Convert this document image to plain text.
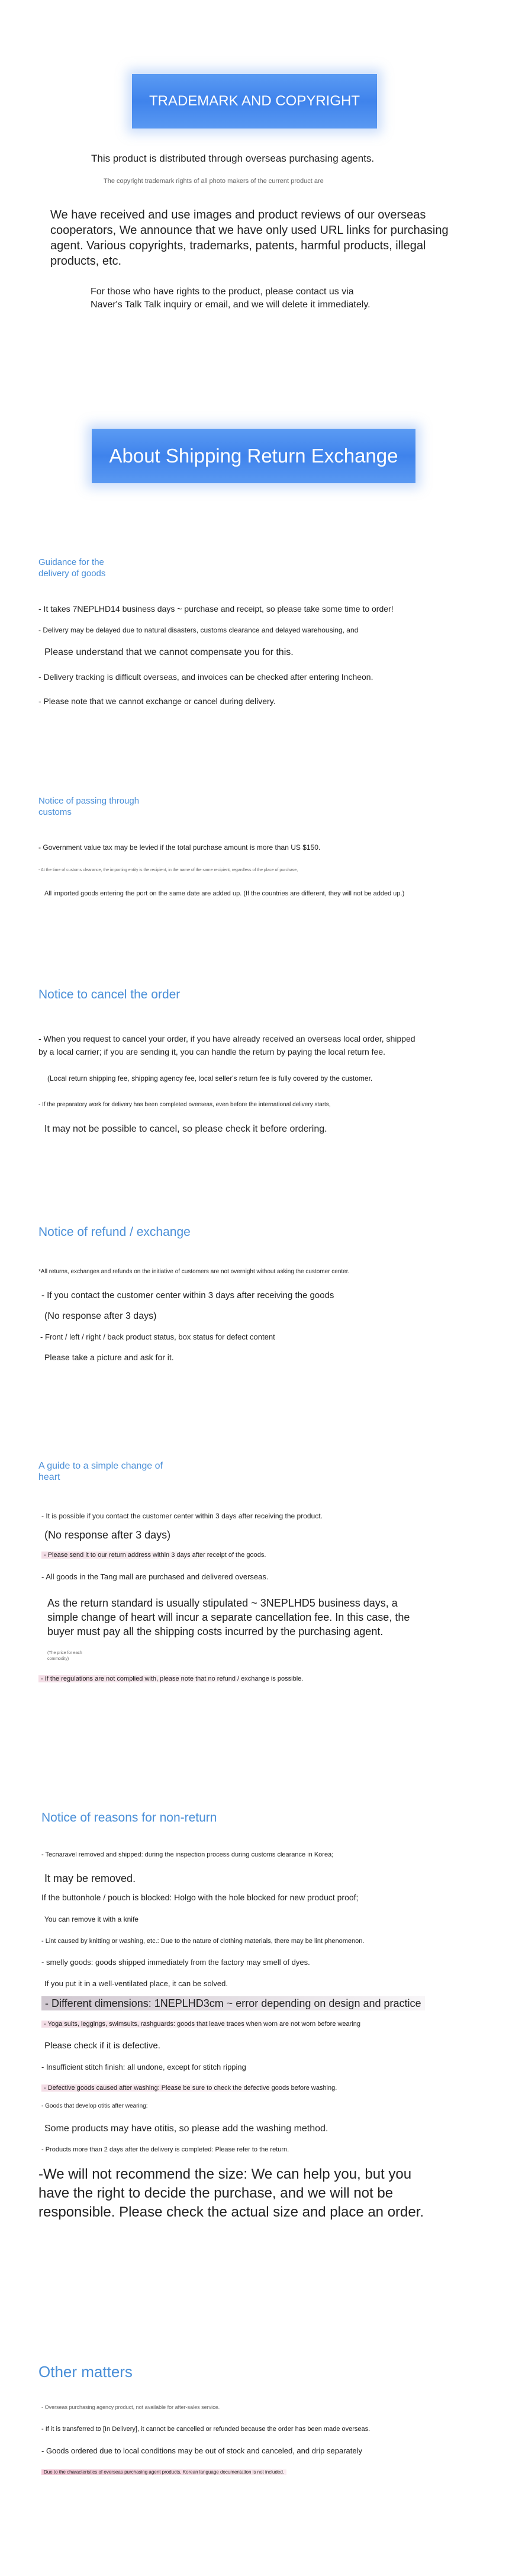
TRADEMARK AND COPYRIGHT
This product is distributed through overseas purchasing agents.
The copyright trademark rights of all photo makers of the current product are
We have received and use images and product reviews of our overseas
cooperators, We announce that we have only used URL links for purchasing
agent. Various copyrights, trademarks, patents, harmful products, illegal
products, etc.
For those who have rights to the product, please contact us via
Naver's Talk Talk inquiry or email, and we will delete it immediately.
About Shipping Return Exchange
Guidance for the delivery of goods
- It takes 7NEPLHD14 business days ~ purchase and receipt, so please take some time to order!
- Delivery may be delayed due to natural disasters, customs clearance and delayed warehousing, and
Please understand that we cannot compensate you for this.
- Delivery tracking is difficult overseas, and invoices can be checked after entering Incheon.
- Please note that we cannot exchange or cancel during delivery.
Notice of passing through customs
- Government value tax may be levied if the total purchase amount is more than US $150.
- At the time of customs clearance, the importing entity is the recipient, in the name of the same recipient, regardless of the place of purchase,
All imported goods entering the port on the same date are added up. (If the countries are different, they will not be added up.)
Notice to cancel the order
- When you request to cancel your order, if you have already received an overseas local order, shipped
by a local carrier; if you are sending it, you can handle the return by paying the local return fee.
(Local return shipping fee, shipping agency fee, local seller's return fee is fully covered by the customer.
- If the preparatory work for delivery has been completed overseas, even before the international delivery starts,
It may not be possible to cancel, so please check it before ordering.
Notice of refund / exchange
*All returns, exchanges and refunds on the initiative of customers are not overnight without asking the customer center.
- If you contact the customer center within 3 days after receiving the goods
(No response after 3 days)
- Front / left / right / back product status, box status for defect content
Please take a picture and ask for it.
A guide to a simple change of heart
- It is possible if you contact the customer center within 3 days after receiving the product.
(No response after 3 days)
- Please send it to our return address within 3 days after receipt of the goods.
- All goods in the Tang mall are purchased and delivered overseas.
As the return standard is usually stipulated ~ 3NEPLHD5 business days, a
simple change of heart will incur a separate cancellation fee. In this case, the
buyer must pay all the shipping costs incurred by the purchasing agent.
(The price for each
commodity)
- If the regulations are not complied with, please note that no refund / exchange is possible.
Notice of reasons for non-return
- Tecnaravel removed and shipped: during the inspection process during customs clearance in Korea;
It may be removed.
If the buttonhole / pouch is blocked: Holgo with the hole blocked for new product proof;
You can remove it with a knife
- Lint caused by knitting or washing, etc.: Due to the nature of clothing materials, there may be lint phenomenon.
- smelly goods: goods shipped immediately from the factory may smell of dyes.
If you put it in a well-ventilated place, it can be solved.
- Different dimensions: 1NEPLHD3cm ~ error depending on design and practice
- Yoga suits, leggings, swimsuits, rashguards: goods that leave traces when worn are not worn before wearing
Please check if it is defective.
- Insufficient stitch finish: all undone, except for stitch ripping
- Defective goods caused after washing: Please be sure to check the defective goods before washing.
- Goods that develop otitis after wearing:
Some products may have otitis, so please add the washing method.
- Products more than 2 days after the delivery is completed: Please refer to the return.
-We will not recommend the size: We can help you, but you
have the right to decide the purchase, and we will not be
responsible. Please check the actual size and place an order.
Other matters
- Overseas purchasing agency product, not available for after-sales service.
- If it is transferred to [In Delivery], it cannot be cancelled or refunded because the order has been made overseas.
- Goods ordered due to local conditions may be out of stock and canceled, and drip separately
Due to the characteristics of overseas purchasing agent products, Korean language documentation is not included.
